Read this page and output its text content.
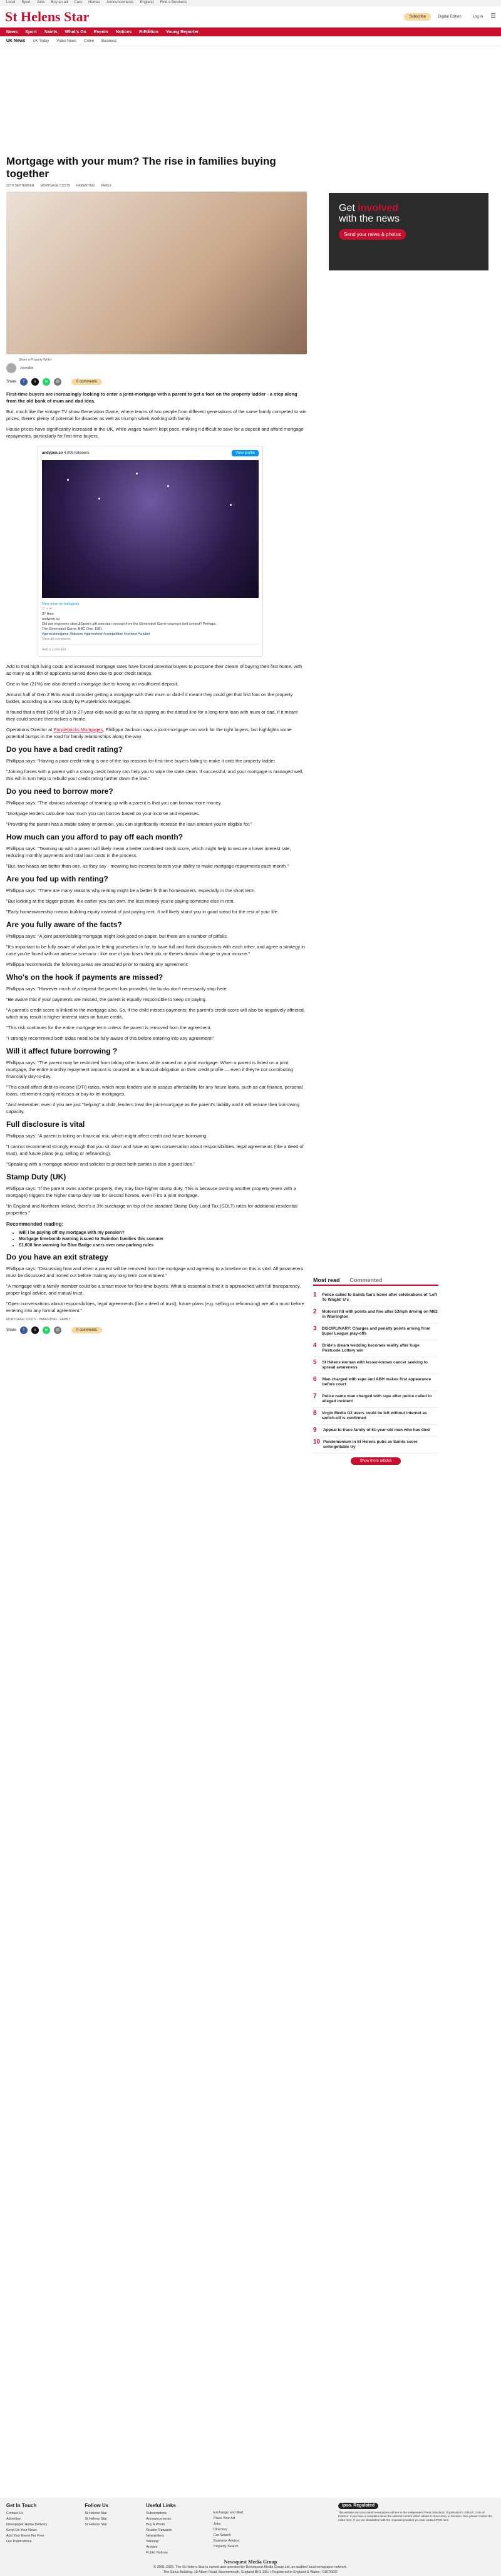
Local Sport Jobs Buy an ad Cars Homes Announcements England Find a Business
St Helens Star	Subscribe	Digital Edition	Log in	☰
News Sport Saints What's On Events Notices E-Edition Young Reporter
UK News UK Today Video News Crime Business
Mortgage with your mum? The rise in families buying together
20TH SEPTEMBER MORTGAGE COSTS PARENTING FAMILY
Share a Property Writer
Journalist
Share	f	x	w	@	0 comments

First-time buyers are increasingly looking to enter a joint-mortgage with a parent to get a foot on the property ladder - a step along from the old bank of mum and dad idea.

But, much like the vintage TV show Generation Game, where teams of two people from different generations of the same family competed to win prizes, there's plenty of potential for disaster as well as triumph when working with family.

House prices have significantly increased in the UK, while wages haven't kept pace, making it difficult to save for a deposit and afford mortgage repayments, particularly for first-time buyers.

andypen.co 4,009 followers	View profile
View more on Instagram
♡ ○ ➢
37 likes
andypen.co
Did our engineers steal &Open's gift selection concept from the Generation Game conveyor belt contest? Perhaps.
The Generation Game, BBC One, 1981.
#generationgame #bbcone #gameshow #competition #contest #cricket
View all comments
Add a comment...

Add to that high living costs and increased mortgage rates have forced potential buyers to postpone their dream of buying their first home, with as many as a fifth of applicants turned down due to poor credit ratings.

One in five (21%) are also denied a mortgage due to having an insufficient deposit.

Around half of Gen Z Brits would consider getting a mortgage with their mum or dad-if it meant they could get that first foot on the property ladder, according to a new study by Purplebricks Mortgages.

It found that a third (35%) of 18 to 27-year-olds would go as far as signing on the dotted line for a long-term loan with mum or dad, if it meant they could secure themselves a home.

Operations Director at Purplebricks Mortgages, Phillippa Jackson says a joint-mortgage can work for the right buyers, but highlights some potential bumps in the road for family relationships along the way.

Do you have a bad credit rating?

Phillippa says: "Having a poor credit rating is one of the top reasons for first-time buyers failing to make it onto the property ladder.

"Joining forces with a parent with a strong credit history can help you to wipe the slate clean. If successful, and your mortgage is managed well, this will in turn help to rebuild your credit rating further down the line."

Do you need to borrow more?

Phillippa says: "The obvious advantage of teaming up with a parent is that you can borrow more money.

"Mortgage lenders calculate how much you can borrow based on your income and expenses.

"Providing the parent has a stable salary or pension, you can significantly increase the loan amount you're eligible for."

How much can you afford to pay off each month?

Phillippa says: "Teaming up with a parent will likely mean a better combined credit score, which might help to secure a lower interest rate, reducing monthly payments and total loan costs in the process.

"But, two heads are better than one, as they say - meaning two incomes boosts your ability to make mortgage repayments each month."

Are you fed up with renting?

Phillippa says: "There are many reasons why renting might be a better fit than homeowners, especially in the short term.

"But looking at the bigger picture, the earlier you can own, the less money you're paying someone else in rent.

"Early homeownership means building equity instead of just paying rent. It will likely stand you in good stead for the rest of your life.

Are you fully aware of the facts?

Phillippa says: "A joint parent/sibling mortgage might look good on paper, but there are a number of pitfalls.

"It's important to be fully aware of what you're letting yourselves in for, to have full and frank discussions with each other, and agree a strategy in case you're faced with an adverse scenario - like one of you loses their job, or there's drastic change to your income."

Phillippa recommends the following areas are broached prior to making any agreement:

Who's on the hook if payments are missed?

Phillippa says: "However much of a deposit the parent has provided, the bucks don't necessarily stop here.

"Be aware that if your payments are missed, the parent is equally responsible to keep on paying.

"A parent's credit score is linked to the mortgage also. So, if the child misses payments, the parent's credit score will also be negatively affected, which may result in higher interest rates on future credit.

"This risk continues for the entire mortgage term unless the parent is removed from the agreement.

"I strongly recommend both sides need to be fully aware of this before entering into any agreement!"

Will it affect future borrowing ?

Phillippa says: "The parent may be restricted from taking other loans while named on a joint mortgage. When a parent is listed on a joint mortgage, the entire monthly repayment amount is counted as a financial obligation on their credit profile — even if they're not contributing financially day-to-day.

"This could affect debt-to-income (DTI) ratios, which most lenders use to assess affordability for any future loans, such as car finance, personal loans, retirement equity releases or buy-to-let mortgages.

"And remember, even if you are just "helping" a child, lenders treat the joint-mortgage as the parent's liability and it will reduce their borrowing capacity.

Full disclosure is vital

Phillippa says: "A parent is taking on financial risk, which might affect credit and future borrowing.

"I cannot recommend strongly enough that you sit down and have an open conversation about responsibilities, legal agreements (like a deed of trust), and future plans (e.g. selling or refinancing).

"Speaking with a mortgage advisor and solicitor to protect both parties is also a good idea."

Stamp Duty (UK)

Phillippa says: "If the parent owns another property, they may face higher stamp duty. This is because owning another property (even with a mortgage) triggers the higher stamp duty rate for second homes, even if it's a joint mortgage.

"In England and Northern Ireland, there's a 3% surcharge on top of the standard Stamp Duty Land Tax (SDLT) rates for additional residential properties."

Recommended reading:
• Will I be paying off my mortgage with my pension?
• Mortgage timebomb warning issued to Swindon families this summer
• £1,600 fine warning for Blue Badge users over new parking rules
Do you have an exit strategy

Phillippa says: "Discussing how and when a parent will be removed from the mortgage and agreeing to a timeline on this is vital. All parameters must be discussed and ironed out before making any long term commitment."

"A mortgage with a family member could be a smart move for first-time buyers. What is essential is that it is approached with full transparency, proper legal advice, and mutual trust.

"Open conversations about responsibilities, legal agreements (like a deed of trust), future plans (e.g. selling or refinancing) are all a must before entering into any formal agreement."

MORTGAGE COSTS · PARENTING · FAMILY
Share	f	x	w	@	0 comments
Get involved
with the news
Send your news & photos
Most read Commented
1	Police called to Saints fan's home after celebrations of 'Left To Wright' U's
2	Motorist hit with points and fine after 53mph driving on M62 in Warrington
3	DISCIPLINARY: Charges and penalty points arising from Super League play-offs
4	Bride's dream wedding becomes reality after huge Postcode Lottery win
5	St Helens woman with lesser-known cancer seeking to spread awareness
6	Man charged with rape and ABH makes first appearance before court
7	Police name man charged with rape after police called to alleged incident
8	Virgin Media O2 users could be left without internet as switch-off is confirmed
9	Appeal to trace family of 81-year-old man who has died
10 Pandemonium in St Helens pubs as Saints score unforgettable try
Show more articles
Get In Touch
Contact Us
Advertise
Newspaper Home Delivery
Send Us Your News
Add Your Event For Free
Our Publications
Follow Us
St Helens Star
St Helens Star
St Helens Star
Useful Links
Subscriptions
Announcements
Buy A Photo
Reader Rewards
Newsletters
Sitemap
Archive
Public Notices
Exchange and Mart
Place Your Ad
Jobs
Directory
Car Search
Business Advisor
Property Search
ipso. Regulated
This website and associated newspapers adhere to the Independent Press Standards Organisation's Editors' Code of Practice. If you have a complaint about the editorial content which relates to inaccuracy or intrusion, then please contact the editor here. If you are dissatisfied with the response provided you can contact IPSO here
Newsquest Media Group
© 2001-2025. The St Helens Star is owned and operated by Newsquest Media Group Ltd, an audited local newspaper network.
The Sirius Building, 10 Albert Road, Bournemouth, England BH1 1BU | Registered in England & Wales | 01676637
